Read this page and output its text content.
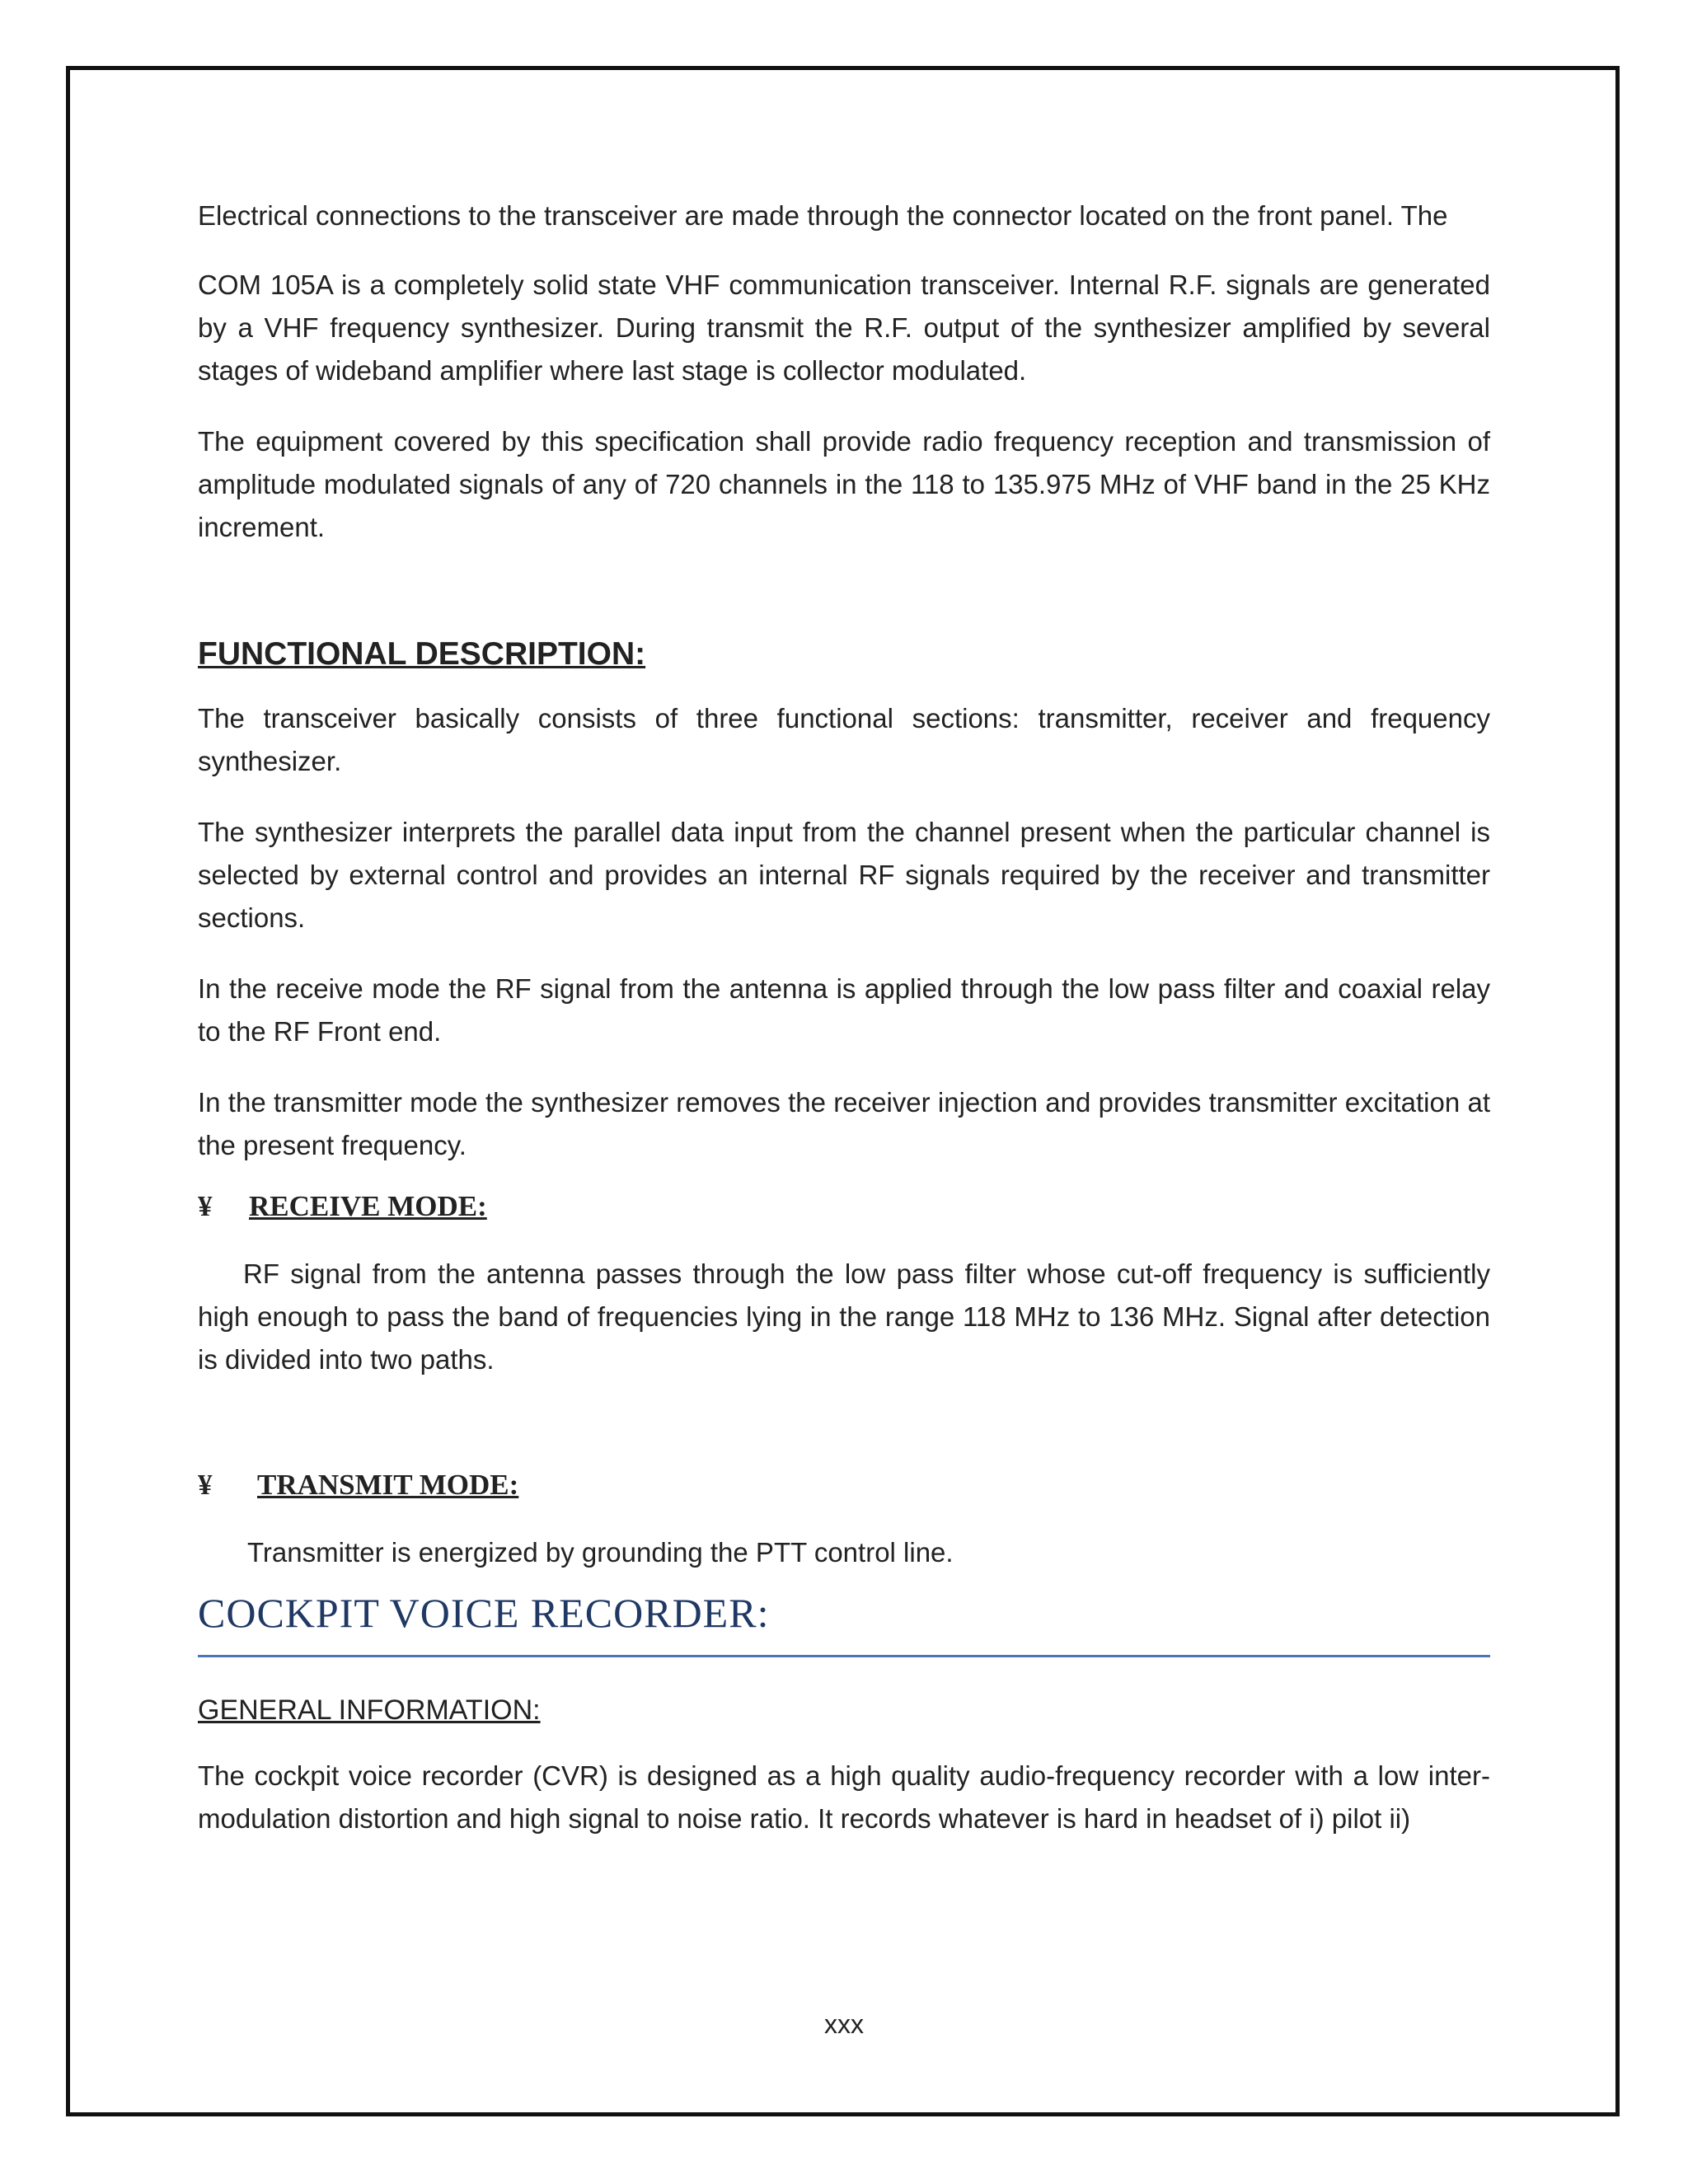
Electrical connections to the transceiver are made through the connector located on the front panel. The

COM 105A is a completely solid state VHF communication transceiver. Internal R.F. signals are generated by a VHF frequency synthesizer. During transmit the R.F. output of the synthesizer amplified by several stages of wideband amplifier where last stage is collector modulated.

The equipment covered by this specification shall provide radio frequency reception and transmission of amplitude modulated signals of any of 720 channels in the 118 to 135.975 MHz of VHF band in the 25 KHz increment.

FUNCTIONAL DESCRIPTION:

The transceiver basically consists of three functional sections: transmitter, receiver and frequency synthesizer.

The synthesizer interprets the parallel data input from the channel present when the particular channel is selected by external control and provides an internal RF signals required by the receiver and transmitter sections.

In the receive mode the RF signal from the antenna is applied through the low pass filter and coaxial relay to the RF Front end.

In the transmitter mode the synthesizer removes the receiver injection and provides transmitter excitation at the present frequency.

¥	RECEIVE MODE:

RF signal from the antenna passes through the low pass filter whose cut-off frequency is sufficiently high enough to pass the band of frequencies lying in the range 118 MHz to 136 MHz. Signal after detection is divided into two paths.

¥	TRANSMIT MODE:

Transmitter is energized by grounding the PTT control line.

COCKPIT VOICE RECORDER:
GENERAL INFORMATION:

The cockpit voice recorder (CVR) is designed as a high quality audio-frequency recorder with a low inter-modulation distortion and high signal to noise ratio. It records whatever is hard in headset of i) pilot ii)

xxx
